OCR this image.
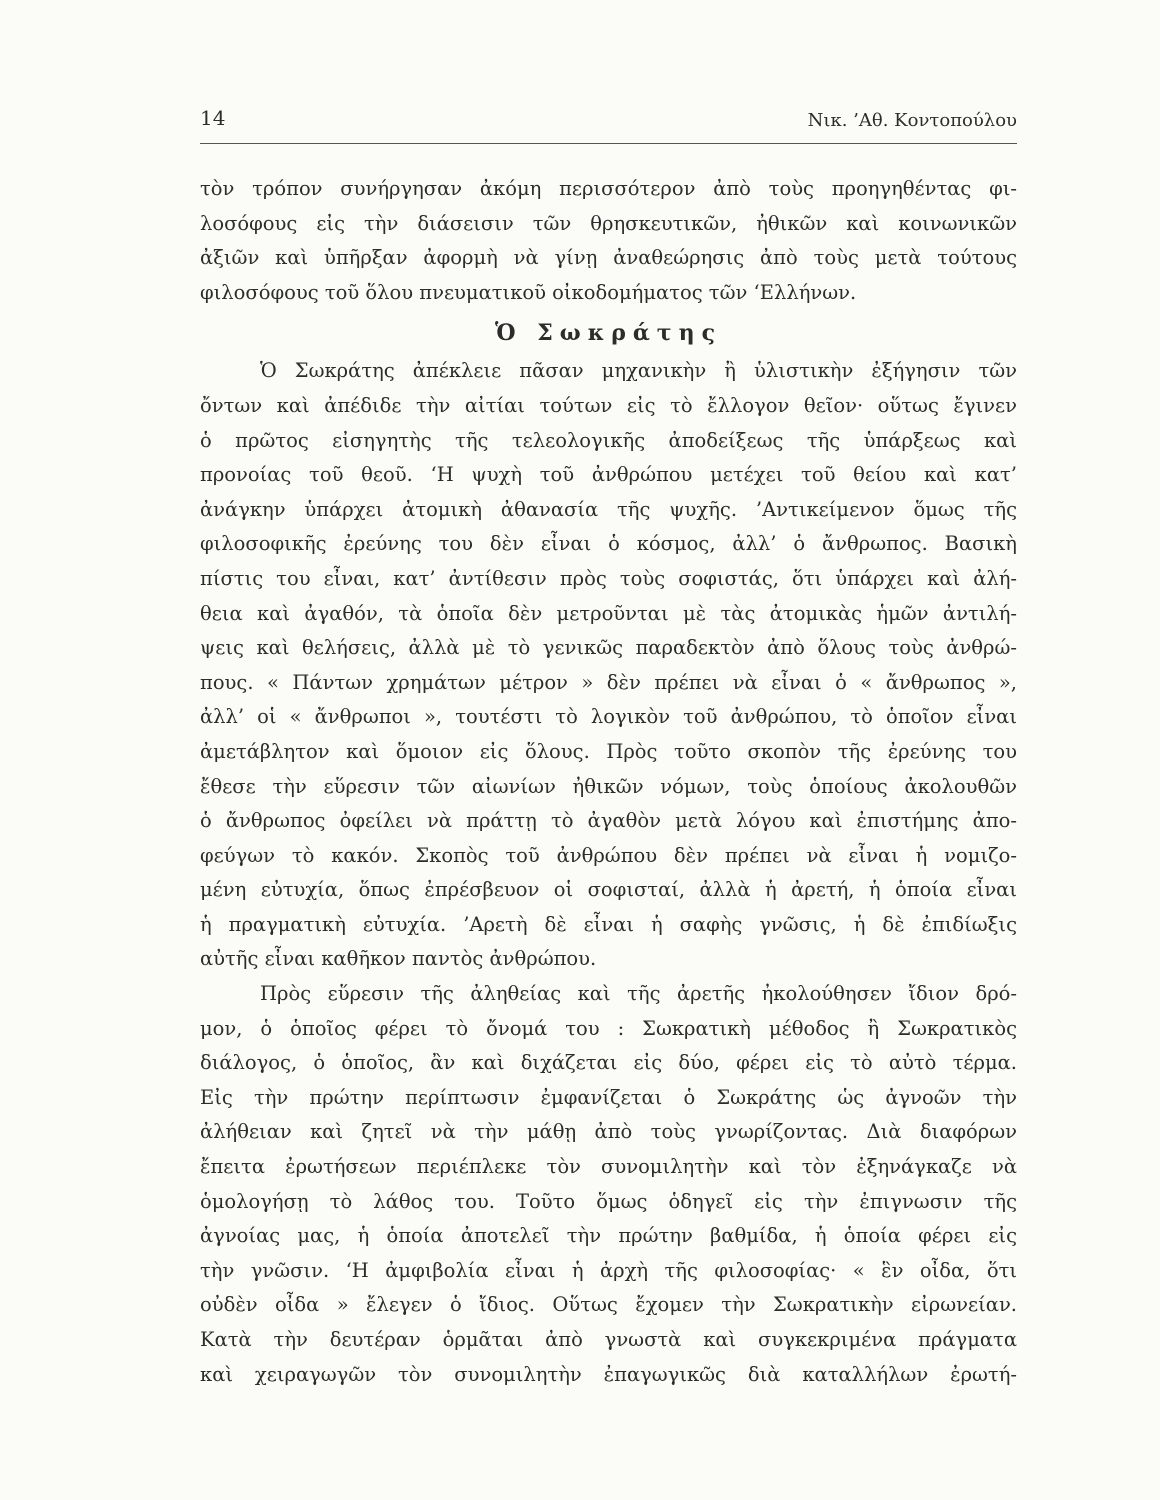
14	Νικ. ’Αθ. Κοντοπούλου
τὸν τρόπον συνήργησαν ἀκόμη περισσότερον ἀπὸ τοὺς προηγηθέντας φι-
λοσόφους εἰς τὴν διάσεισιν τῶν θρησκευτικῶν, ἠθικῶν καὶ κοινωνικῶν
ἀξιῶν καὶ ὑπῆρξαν ἀφορμὴ νὰ γίνῃ ἀναθεώρησις ἀπὸ τοὺς μετὰ τούτους
φιλοσόφους τοῦ ὅλου πνευματικοῦ οἰκοδομήματος τῶν ‘Ελλήνων.
Ὁ Σωκράτης
Ὁ Σωκράτης ἀπέκλειε πᾶσαν μηχανικὴν ἢ ὑλιστικὴν ἐξήγησιν τῶν
ὄντων καὶ ἀπέδιδε τὴν αἰτίαι τούτων εἰς τὸ ἔλλογον θεῖον· οὕτως ἔγινεν
ὁ πρῶτος εἰσηγητὴς τῆς τελεολογικῆς ἀποδείξεως τῆς ὑπάρξεως καὶ
προνοίας τοῦ θεοῦ. ‘Η ψυχὴ τοῦ ἀνθρώπου μετέχει τοῦ θείου καὶ κατ’
ἀνάγκην ὑπάρχει ἀτομικὴ ἀθανασία τῆς ψυχῆς. ’Αντικείμενον ὅμως τῆς
φιλοσοφικῆς ἐρεύνης του δὲν εἶναι ὁ κόσμος, ἀλλ’ ὁ ἄνθρωπος. Βασικὴ
πίστις του εἶναι, κατ’ ἀντίθεσιν πρὸς τοὺς σοφιστάς, ὅτι ὑπάρχει καὶ ἀλή-
θεια καὶ ἀγαθόν, τὰ ὁποῖα δὲν μετροῦνται μὲ τὰς ἀτομικὰς ἡμῶν ἀντιλή-
ψεις καὶ θελήσεις, ἀλλὰ μὲ τὸ γενικῶς παραδεκτὸν ἀπὸ ὅλους τοὺς ἀνθρώ-
πους. « Πάντων χρημάτων μέτρον » δὲν πρέπει νὰ εἶναι ὁ « ἄνθρωπος »,
ἀλλ’ οἱ « ἄνθρωποι », τουτέστι τὸ λογικὸν τοῦ ἀνθρώπου, τὸ ὁποῖον εἶναι
ἀμετάβλητον καὶ ὅμοιον εἰς ὅλους. Πρὸς τοῦτο σκοπὸν τῆς ἐρεύνης του
ἔθεσε τὴν εὕρεσιν τῶν αἰωνίων ἠθικῶν νόμων, τοὺς ὁποίους ἀκολουθῶν
ὁ ἄνθρωπος ὀφείλει νὰ πράττῃ τὸ ἀγαθὸν μετὰ λόγου καὶ ἐπιστήμης ἀπο-
φεύγων τὸ κακόν. Σκοπὸς τοῦ ἀνθρώπου δὲν πρέπει νὰ εἶναι ἡ νομιζο-
μένη εὐτυχία, ὅπως ἐπρέσβευον οἱ σοφισταί, ἀλλὰ ἡ ἀρετή, ἡ ὁποία εἶναι
ἡ πραγματικὴ εὐτυχία. ’Αρετὴ δὲ εἶναι ἡ σαφὴς γνῶσις, ἡ δὲ ἐπιδίωξις
αὐτῆς εἶναι καθῆκον παντὸς ἀνθρώπου.
Πρὸς εὕρεσιν τῆς ἀληθείας καὶ τῆς ἀρετῆς ἠκολούθησεν ἴδιον δρό-
μον, ὁ ὁποῖος φέρει τὸ ὄνομά του : Σωκρατικὴ μέθοδος ἢ Σωκρατικὸς
διάλογος, ὁ ὁποῖος, ἂν καὶ διχάζεται εἰς δύο, φέρει εἰς τὸ αὐτὸ τέρμα.
Εἰς τὴν πρώτην περίπτωσιν ἐμφανίζεται ὁ Σωκράτης ὡς ἀγνοῶν τὴν
ἀλήθειαν καὶ ζητεῖ νὰ τὴν μάθῃ ἀπὸ τοὺς γνωρίζοντας. Διὰ διαφόρων
ἔπειτα ἐρωτήσεων περιέπλεκε τὸν συνομιλητὴν καὶ τὸν ἐξηνάγκαζε νὰ
ὁμολογήσῃ τὸ λάθος του. Τοῦτο ὅμως ὁδηγεῖ εἰς τὴν ἐπιγνωσιν τῆς
ἀγνοίας μας, ἡ ὁποία ἀποτελεῖ τὴν πρώτην βαθμίδα, ἡ ὁποία φέρει εἰς
τὴν γνῶσιν. ‘Η ἀμφιβολία εἶναι ἡ ἀρχὴ τῆς φιλοσοφίας· « ἓν οἶδα, ὅτι
οὐδὲν οἶδα » ἔλεγεν ὁ ἴδιος. Οὕτως ἔχομεν τὴν Σωκρατικὴν εἰρωνείαν.
Κατὰ τὴν δευτέραν ὁρμᾶται ἀπὸ γνωστὰ καὶ συγκεκριμένα πράγματα
καὶ χειραγωγῶν τὸν συνομιλητὴν ἐπαγωγικῶς διὰ καταλλήλων ἐρωτή-
